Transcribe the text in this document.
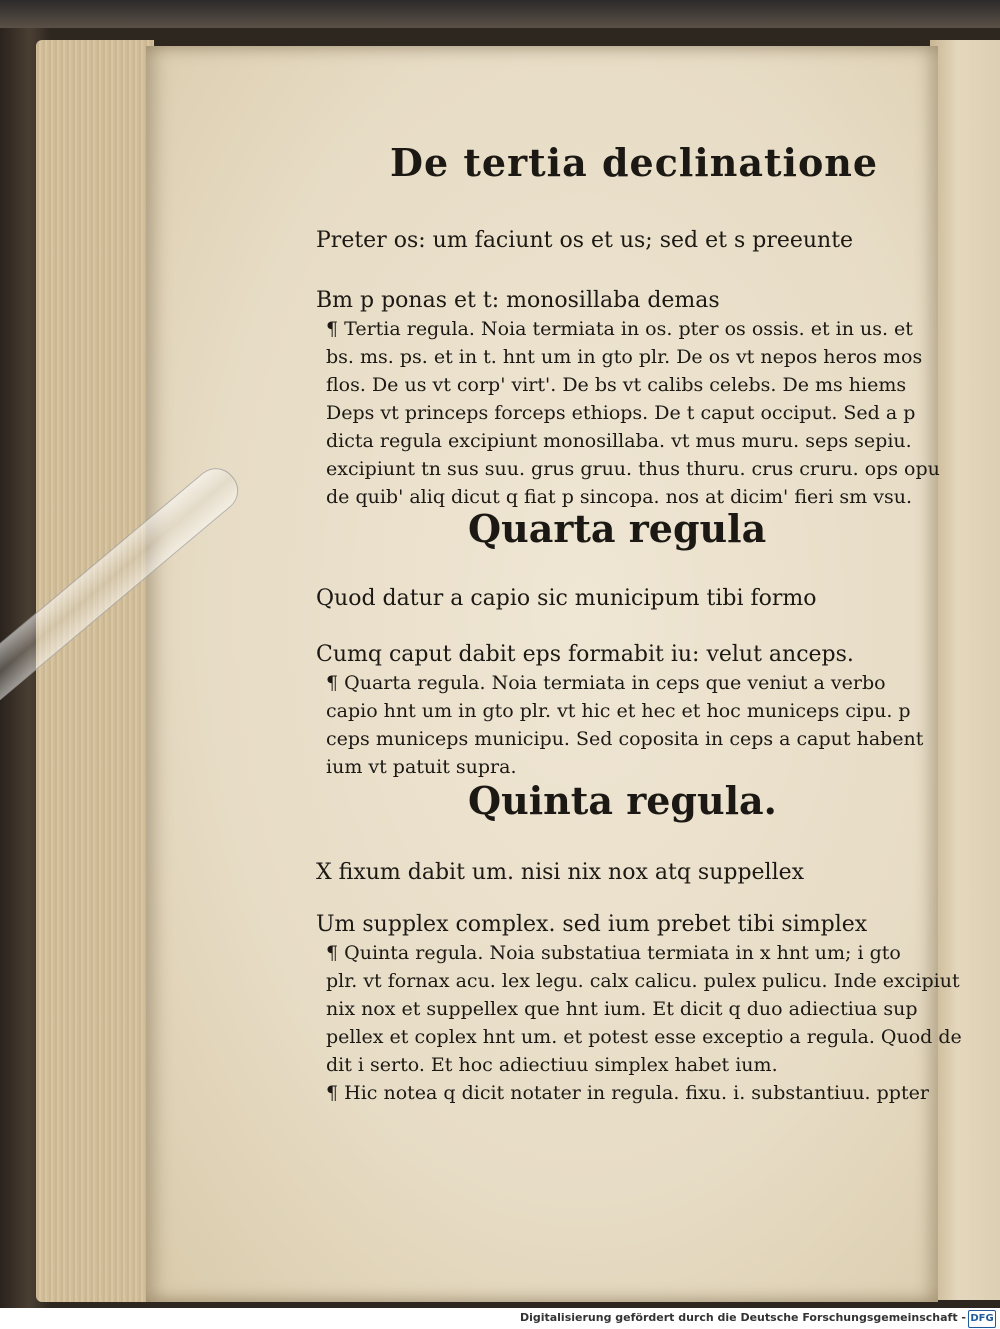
De tertia declinatione
Preter os: um faciunt os et us; sed et s preeunte
Bm p ponas et t: monosillaba demas
¶ Tertia regula. Noia termiata in os. pter os ossis. et in us. et
bs. ms. ps. et in t. hnt um in gto plr. De os vt nepos heros mos
flos. De us vt corp' virt'. De bs vt calibs celebs. De ms hiems
Deps vt princeps forceps ethiops. De t caput occiput. Sed a p
dicta regula excipiunt monosillaba. vt mus muru. seps sepiu.
excipiunt tn sus suu. grus gruu. thus thuru. crus cruru. ops opu
de quib' aliq dicut q fiat p sincopa. nos at dicim' fieri sm vsu.
Quarta regula
Quod datur a capio sic municipum tibi formo
Cumq caput dabit eps formabit iu: velut anceps.
¶ Quarta regula. Noia termiata in ceps que veniut a verbo
capio hnt um in gto plr. vt hic et hec et hoc municeps cipu. p
ceps municeps municipu. Sed coposita in ceps a caput habent
ium vt patuit supra.
Quinta regula.
X fixum dabit um. nisi nix nox atq suppellex
Um supplex complex. sed ium prebet tibi simplex
¶ Quinta regula. Noia substatiua termiata in x hnt um; i gto
plr. vt fornax acu. lex legu. calx calicu. pulex pulicu. Inde excipiut
nix nox et suppellex que hnt ium. Et dicit q duo adiectiua sup
pellex et coplex hnt um. et potest esse exceptio a regula. Quod de
dit i serto. Et hoc adiectiuu simplex habet ium.
¶ Hic notea q dicit notater in regula. fixu. i. substantiuu. ppter
Digitalisierung gefördert durch die Deutsche Forschungsgemeinschaft - DFG
